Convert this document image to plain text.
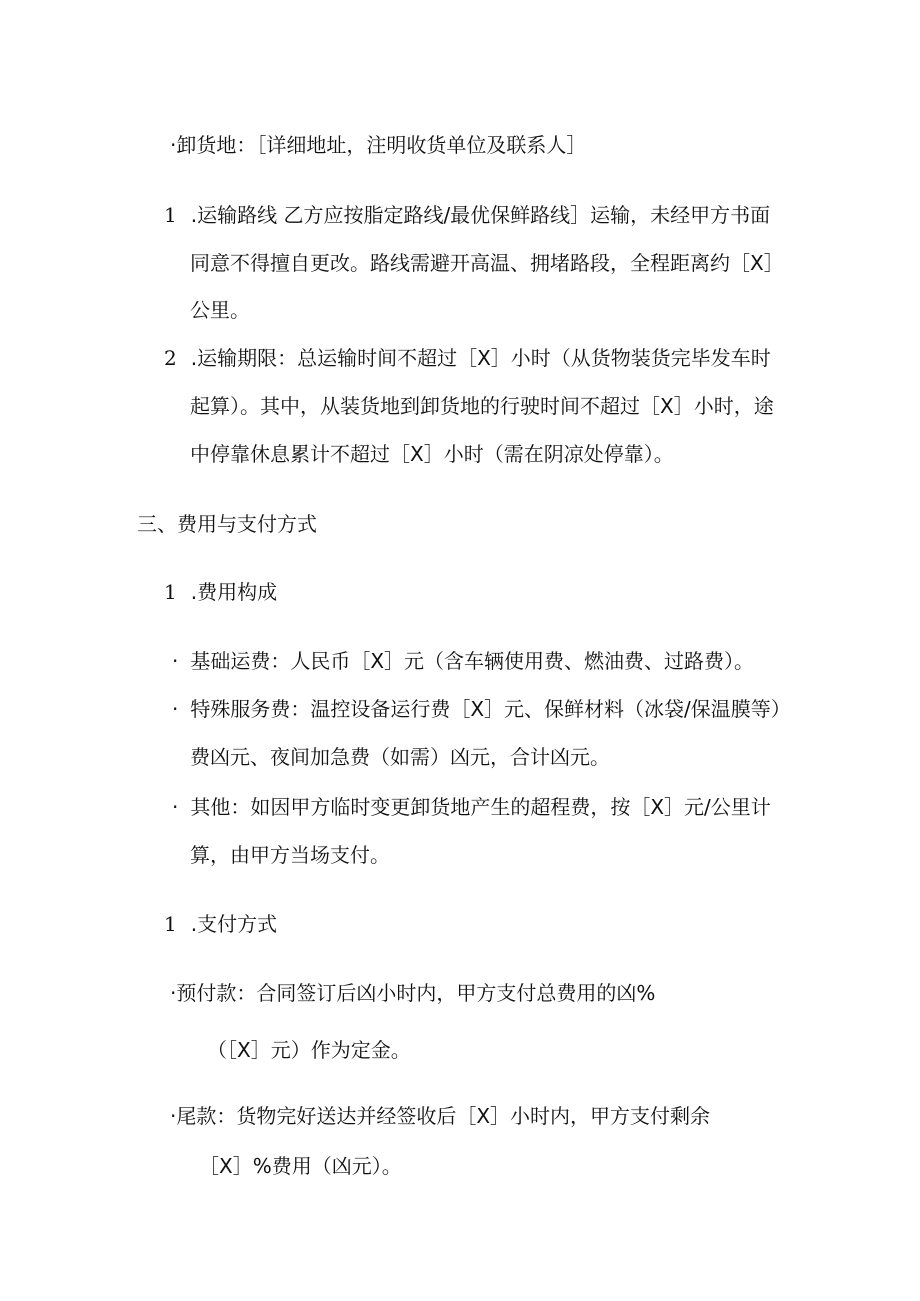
·卸货地：［详细地址，注明收货单位及联系人］
1 .运输路线 乙方应按脂定路线/最优保鲜路线］运输，未经甲方书面
同意不得擅自更改。路线需避开高温、拥堵路段，全程距离约［X］
公里。
2 .运输期限：总运输时间不超过［X］小时（从货物装货完毕发车时
起算）。其中，从装货地到卸货地的行驶时间不超过［X］小时，途
中停靠休息累计不超过［X］小时（需在阴凉处停靠）。
三、费用与支付方式
1 .费用构成
· 基础运费：人民币［X］元（含车辆使用费、燃油费、过路费）。
· 特殊服务费：温控设备运行费［X］元、保鲜材料（冰袋/保温膜等）
费凶元、夜间加急费（如需）凶元，合计凶元。
· 其他：如因甲方临时变更卸货地产生的超程费，按［X］元/公里计
算，由甲方当场支付。
1 .支付方式
·预付款：合同签订后凶小时内，甲方支付总费用的凶%
（［X］元）作为定金。
·尾款：货物完好送达并经签收后［X］小时内，甲方支付剩余
［X］%费用（凶元）。
